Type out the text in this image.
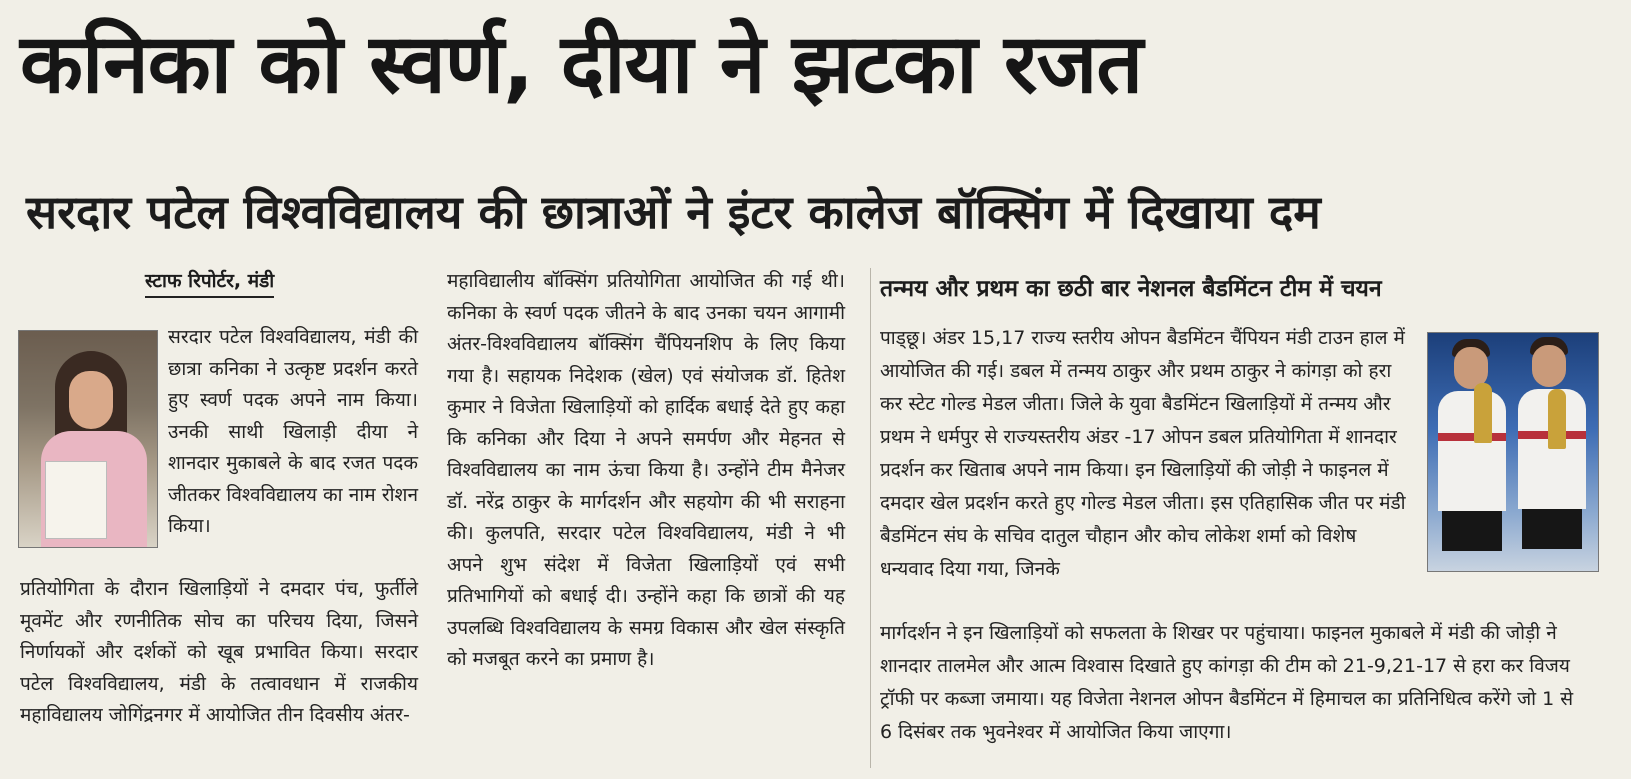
कनिका को स्वर्ण, दीया ने झटका रजत
सरदार पटेल विश्वविद्यालय की छात्राओं ने इंटर कालेज बॉक्सिंग में दिखाया दम
स्टाफ रिपोर्टर, मंडी
सरदार पटेल विश्वविद्यालय, मंडी की छात्रा कनिका ने उत्कृष्ट प्रदर्शन करते हुए स्वर्ण पदक अपने नाम किया। उनकी साथी खिलाड़ी दीया ने शानदार मुकाबले के बाद रजत पदक जीतकर विश्वविद्यालय का नाम रोशन किया।
प्रतियोगिता के दौरान खिलाड़ियों ने दमदार पंच, फुर्तीले मूवमेंट और रणनीतिक सोच का परिचय दिया, जिसने निर्णायकों और दर्शकों को खूब प्रभावित किया। सरदार पटेल विश्वविद्यालय, मंडी के तत्वावधान में राजकीय महाविद्यालय जोगिंद्रनगर में आयोजित तीन दिवसीय अंतर-
महाविद्यालीय बॉक्सिंग प्रतियोगिता आयोजित की गई थी। कनिका के स्वर्ण पदक जीतने के बाद उनका चयन आगामी अंतर-विश्वविद्यालय बॉक्सिंग चैंपियनशिप के लिए किया गया है। सहायक निदेशक (खेल) एवं संयोजक डॉ. हितेश कुमार ने विजेता खिलाड़ियों को हार्दिक बधाई देते हुए कहा कि कनिका और दिया ने अपने समर्पण और मेहनत से विश्वविद्यालय का नाम ऊंचा किया है। उन्होंने टीम मैनेजर डॉ. नरेंद्र ठाकुर के मार्गदर्शन और सहयोग की भी सराहना की। कुलपति, सरदार पटेल विश्वविद्यालय, मंडी ने भी अपने शुभ संदेश में विजेता खिलाड़ियों एवं सभी प्रतिभागियों को बधाई दी। उन्होंने कहा कि छात्रों की यह उपलब्धि विश्वविद्यालय के समग्र विकास और खेल संस्कृति को मजबूत करने का प्रमाण है।
तन्मय और प्रथम का छठी बार नेशनल बैडमिंटन टीम में चयन
पाड्छू। अंडर 15,17 राज्य स्तरीय ओपन बैडमिंटन चैंपियन मंडी टाउन हाल में आयोजित की गई। डबल में तन्मय ठाकुर और प्रथम ठाकुर ने कांगड़ा को हरा कर स्टेट गोल्ड मेडल जीता। जिले के युवा बैडमिंटन खिलाड़ियों में तन्मय और प्रथम ने धर्मपुर से राज्यस्तरीय अंडर -17 ओपन डबल प्रतियोगिता में शानदार प्रदर्शन कर खिताब अपने नाम किया। इन खिलाड़ियों की जोड़ी ने फाइनल में दमदार खेल प्रदर्शन करते हुए गोल्ड मेडल जीता। इस एतिहासिक जीत पर मंडी बैडमिंटन संघ के सचिव दातुल चौहान और कोच लोकेश शर्मा को विशेष धन्यवाद दिया गया, जिनके
मार्गदर्शन ने इन खिलाड़ियों को सफलता के शिखर पर पहुंचाया। फाइनल मुकाबले में मंडी की जोड़ी ने शानदार तालमेल और आत्म विश्वास दिखाते हुए कांगड़ा की टीम को 21-9,21-17 से हरा कर विजय ट्रॉफी पर कब्जा जमाया। यह विजेता नेशनल ओपन बैडमिंटन में हिमाचल का प्रतिनिधित्व करेंगे जो 1 से 6 दिसंबर तक भुवनेश्वर में आयोजित किया जाएगा।
